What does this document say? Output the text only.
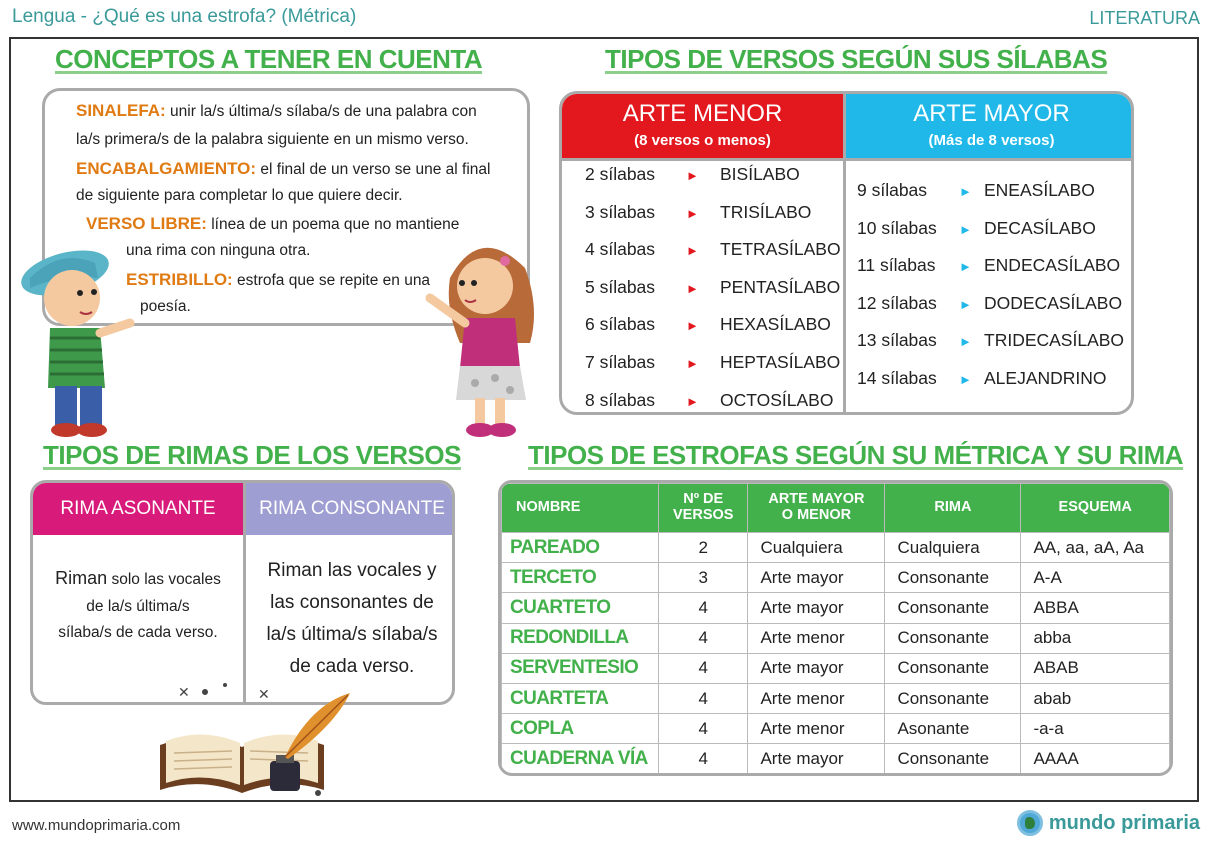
Lengua - ¿Qué es una estrofa? (Métrica)	LITERATURA
CONCEPTOS A TENER EN CUENTA
SINALEFA: unir la/s última/s sílaba/s de una palabra con
la/s primera/s de la palabra siguiente en un mismo verso.
ENCABALGAMIENTO: el final de un verso se une al final
de siguiente para completar lo que quiere decir.
VERSO LIBRE: línea de un poema que no mantiene
una rima con ninguna otra.
ESTRIBILLO: estrofa que se repite en una
poesía.
TIPOS DE VERSOS SEGÚN SUS SÍLABAS
ARTE MENOR
(8 versos o menos)
ARTE MAYOR
(Más de 8 versos)
2 sílabas ► BISÍLABO
3 sílabas ► TRISÍLABO
4 sílabas ► TETRASÍLABO
5 sílabas ► PENTASÍLABO
6 sílabas ► HEXASÍLABO
7 sílabas ► HEPTASÍLABO
8 sílabas ► OCTOSÍLABO
9 sílabas ► ENEASÍLABO
10 sílabas ► DECASÍLABO
11 sílabas ► ENDECASÍLABO
12 sílabas ► DODECASÍLABO
13 sílabas ► TRIDECASÍLABO
14 sílabas ► ALEJANDRINO
TIPOS DE RIMAS DE LOS VERSOS
RIMA ASONANTE	RIMA CONSONANTE
Riman solo las vocales
de la/s última/s
sílaba/s de cada verso.
Riman las vocales y
las consonantes de
la/s última/s sílaba/s
de cada verso.
✕	✕
TIPOS DE ESTROFAS SEGÚN SU MÉTRICA Y SU RIMA
NOMBRE	Nº DE VERSOS	ARTE MAYOR O MENOR	RIMA	ESQUEMA
PAREADO	2	Cualquiera	Cualquiera	AA, aa, aA, Aa
TERCETO	3	Arte mayor	Consonante	A-A
CUARTETO	4	Arte mayor	Consonante	ABBA
REDONDILLA	4	Arte menor	Consonante	abba
SERVENTESIO	4	Arte mayor	Consonante	ABAB
CUARTETA	4	Arte menor	Consonante	abab
COPLA	4	Arte menor	Asonante	-a-a
CUADERNA VÍA	4	Arte mayor	Consonante	AAAA
www.mundoprimaria.com	mundo primaria
